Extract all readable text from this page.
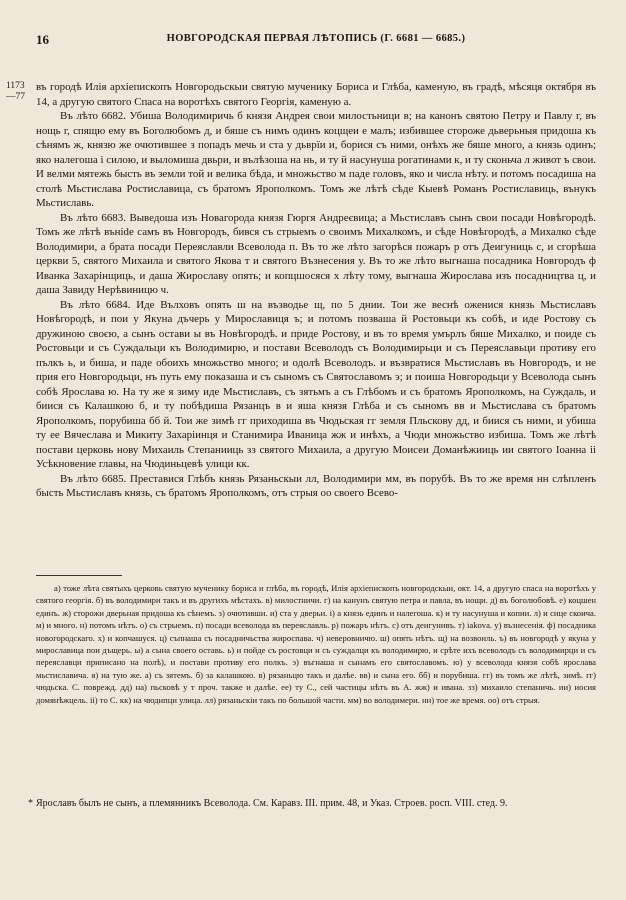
16	НОВГОРОДСКАЯ ПЕРВАЯ ЛѢТОПИСЬ (Г. 6681 — 6685.)
1173
—77

въ городѣ Илія архіепископъ Новгородьскыи святую мученику Бориса и Глѣба, каменую, въ градѣ, мѣсяця октября въ 14, а другую святого Спаса на воротѣхъ святого Георгія, каменую а.

Въ лѣто 6682. Убиша Володимиричь б князя Андрея свои милостьници в; на канонъ святою Петру и Павлу г, въ нощь г, спящю ему въ Боголюбомъ д, и бяше съ нимъ одинъ коцщеи е малъ; избившее стороже дьверьныя придоша къ сѣнямъ ж, князю же очютившее з попадъ мечь и ста у дьврїи и, борися съ ними, онѣхъ же бяше много, а князь одинъ; яко налегоша і силою, и выломиша двьри, и вълѣзоша на нь, и ту й насунуша рогатинами к, и ту сконьча л живот ъ свои. И велми мятежь бысть въ земли той и велика бѣда, и множьство м паде головъ, яко и числа нѣту. и потомъ посадиша на столѣ Мьстислава Ростиславица, съ братомъ Ярополкомъ. Томъ же лѣтѣ сѣде Кыевѣ Романъ Ростиславиць, вънукъ Мьстиславь.

Въ лѣто 6683. Выведоша изъ Новагорода князя Гюргя Андреєвица; а Мьстиславъ сынъ свои посади Новѣгородѣ. Томъ же лѣтѣ вънide самъ въ Новгородъ, бився съ стрыемъ о своимъ Михалкомъ, и сѣде Новѣгородѣ, а Михалко сѣде Володимири, а брата посади Переяславли Всеволода п. Въ то же лѣто загорѣся пожаръ р отъ Деигуниць с, и сгорѣша церкви 5, святого Михаила и святого Якова т и святого Възнесения у. Въ то же лѣто выгнаша посадника Новгородъ ф Иванка Захарінщиць, и даша Жирославу опять; и копцшосяся х лѣту тому, выгнаша Жирослава изъ посадництва ц, и даша Завиду Нерѣвиницю ч.

Въ лѣто 6684. Иде Вълховъ опять ш на възводье щ, по 5 днии. Тои же веснѣ оженися князь Мьстиславъ Новѣгородѣ, и пои у Якуна дъчерь у Мирославиця ъ; и потомъ позваша й Ростовьци къ собѣ, и иде Ростову съ дружиною своєю, а сынъ остави ы въ Новѣгородѣ. и приде Ростову, и въ то время умърлъ бяше Михалко, и поиде съ Ростовьци и съ Суждальци къ Володимирю, и постави Всеволодъ съ Володимирьци и съ Переяславьци противу его пълкъ ь, и биша, и паде обоихъ множьство много; и одолѣ Всеволодъ. и възвратися Мьстиславъ въ Новгородъ, и не прия его Новгородьци, нъ путь ему показаша и съ сыномъ съ Святославомъ э; и поиша Новгородьци у Всеволода сынъ собѣ Ярослава ю. На ту же я зиму иде Мьстиславъ, съ зятьмъ а съ Глѣбомъ и съ братомъ Ярополкомъ, на Суждаль, и биися съ Калашкою б, и ту побѣдиша Рязанцъ в и яша князя Глѣба и съ сыномъ вв и Мьстислава съ братомъ Ярополкомъ, порубиша бб й. Тои же зимѣ гг приходиша въ Чюдьская гг земля Пльскову дд, и биися съ ними, и убиша ту ее Вячеслава и Микиту Захаріинця и Станимира Иваница жж и инѣхъ, а Чюди множьство избиша. Томъ же лѣтѣ постави церковь нову Михаиль Степанииць зз святого Михаила, а другую Моисеи Доманѣжииць ии святого Іоанна іі Усѣкновение главы, на Чюдиньцевѣ улици кк.

Въ лѣто 6685. Преставися Глѣбъ князь Рязаньскыи лл, Володимири мм, въ порубѣ. Въ то же время нн слѣпленъ бысть Мьстиславъ князь, съ братомъ Ярополкомъ, отъ стрыя оо своего Всево-

а) тоже лѣта святыхъ церковь святую мученику бориса и глѣба, въ городѣ, Илія архіепископъ новгородскыи, окт. 14, а другую спаса на воротѣхъ у святого георгія. б) въ володимири такъ и въ другихъ мѣстахъ. в) милостничи. г) на канунъ святую петра и павла, въ нощи. д) въ боголюбовѣ. е) коцшен единъ. ж) сторожи дверьная придоша къ сѣнемъ. з) очютивши. и) ста у дверьи. і) а князь единъ и налегоша. к) и ту насунуша и копии. л) и сице скоича. м) и много. н) потомъ нѣтъ. о) съ стрыемъ. п) посади всеволода въ переяславль. р) пожаръ нѣтъ. с) отъ деигунивъ. т) iakova. у) възнесенія. ф) посадника новогородскаго. х) и копчашуся. ц) съпнаша съ посадничьства жироспава. ч) неверовничю. ш) опять нѣтъ. щ) на возвоиль. ъ) въ новгородѣ у якуна у мирославица пои дъщерь. ы) а сына своего оставь. ь) и пойде съ ростовци и съ суждалци къ володимирю, и срѣте ихъ всеволодъ съ володимирци и съ переяславци приписано на полѣ), и постави противу его полкъ. э) въгнаша и сынамъ его святославомъ. ю) у всеволода князя собѣ ярослава мьстиславича. я) на тую же. а) съ зятемъ. б) за калашкою. в) рязаньцю такъ и далѣе. вв) и сына его. бб) и порубиша. гг) въ томъ же лѣтѣ, зимѣ. гг) чюдьска. С. поврежд. дд) на) пьсковѣ у т проч. также и далѣе. ее) ту С., ceй частицы нѣтъ въ А. жж) и ивана. зз) михаило степаничь. ии) иосия домянѣжцель. іі) то С. кк) на чюдипци улица. лл) рязаньскіи такъ по большой части. мм) во володимери. нн) тое же время. оо) отъ стрыя.

* Ярославъ былъ не сынъ, а племянникъ Всеволода. См. Каравз. III. прим. 48, и Указ. Строев. росп. VIII. стед. 9.
